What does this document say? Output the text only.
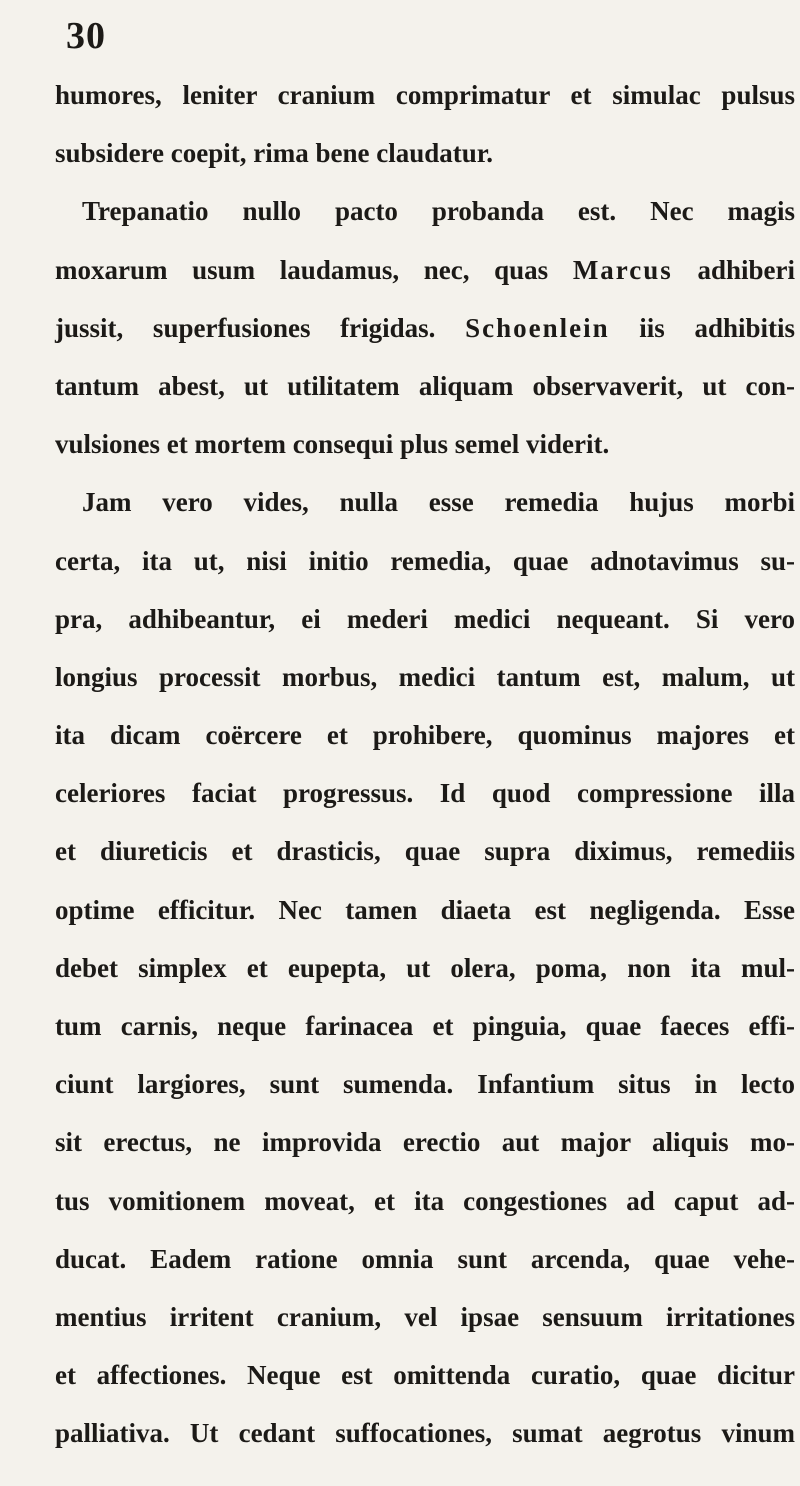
30
humores, leniter cranium comprimatur et simulac pulsus
subsidere coepit, rima bene claudatur.
Trepanatio nullo pacto probanda est. Nec magis
moxarum usum laudamus, nec, quas Marcus adhiberi
jussit, superfusiones frigidas. Schoenlein iis adhibitis
tantum abest, ut utilitatem aliquam observaverit, ut con-
vulsiones et mortem consequi plus semel viderit.
Jam vero vides, nulla esse remedia hujus morbi
certa, ita ut, nisi initio remedia, quae adnotavimus su-
pra, adhibeantur, ei mederi medici nequeant. Si vero
longius processit morbus, medici tantum est, malum, ut
ita dicam coërcere et prohibere, quominus majores et
celeriores faciat progressus. Id quod compressione illa
et diureticis et drasticis, quae supra diximus, remediis
optime efficitur. Nec tamen diaeta est negligenda. Esse
debet simplex et eupepta, ut olera, poma, non ita mul-
tum carnis, neque farinacea et pinguia, quae faeces effi-
ciunt largiores, sunt sumenda. Infantium situs in lecto
sit erectus, ne improvida erectio aut major aliquis mo-
tus vomitionem moveat, et ita congestiones ad caput ad-
ducat. Eadem ratione omnia sunt arcenda, quae vehe-
mentius irritent cranium, vel ipsae sensuum irritationes
et affectiones. Neque est omittenda curatio, quae dicitur
palliativa. Ut cedant suffocationes, sumat aegrotus vinum
